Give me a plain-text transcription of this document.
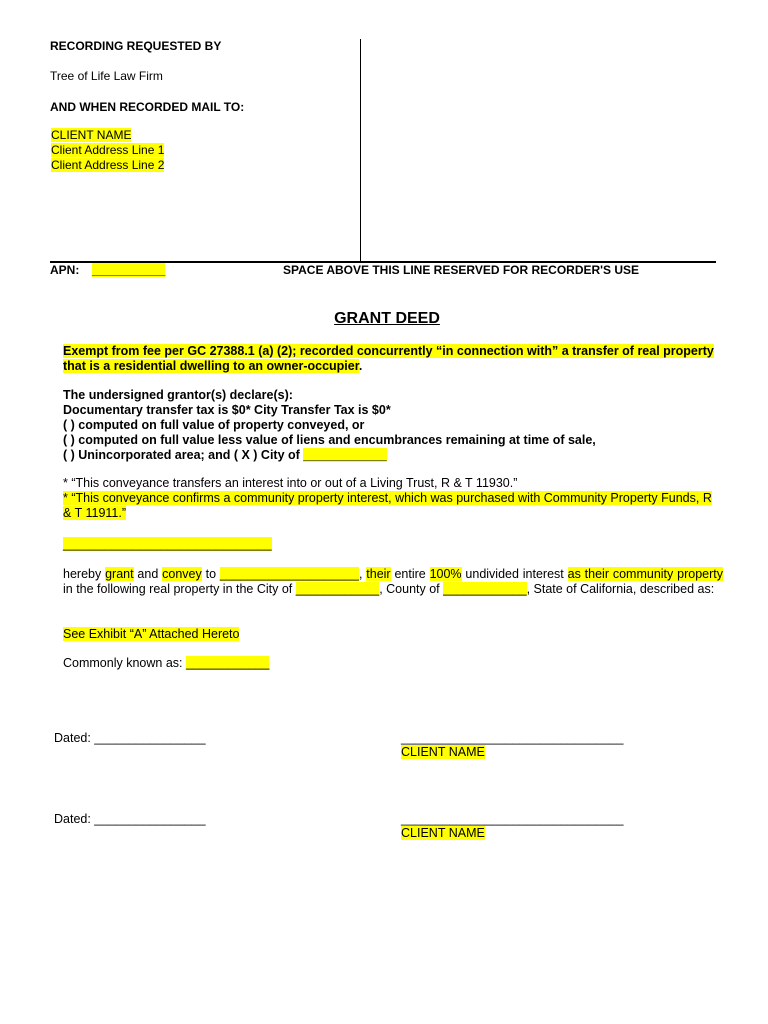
RECORDING REQUESTED BY
Tree of Life Law Firm
AND WHEN RECORDED MAIL TO:
CLIENT NAME
Client Address Line 1
Client Address Line 2
APN: ___________	SPACE ABOVE THIS LINE RESERVED FOR RECORDER'S USE
GRANT DEED
Exempt from fee per GC 27388.1 (a) (2); recorded concurrently “in connection with” a transfer of real property that is a residential dwelling to an owner-occupier.
The undersigned grantor(s) declare(s):
Documentary transfer tax is $0* City Transfer Tax is $0*
( ) computed on full value of property conveyed, or
( ) computed on full value less value of liens and encumbrances remaining at time of sale,
( ) Unincorporated area; and ( X ) City of ____________
* “This conveyance transfers an interest into or out of a Living Trust, R & T 11930.”
* “This conveyance confirms a community property interest, which was purchased with Community Property Funds, R & T 11911.”
______________________________
hereby grant and convey to ____________________, their entire 100% undivided interest as their community property in the following real property in the City of ____________, County of ____________, State of California, described as:
See Exhibit “A” Attached Hereto
Commonly known as: ____________
Dated: ________________	________________________________
CLIENT NAME
Dated: ________________	________________________________
CLIENT NAME
